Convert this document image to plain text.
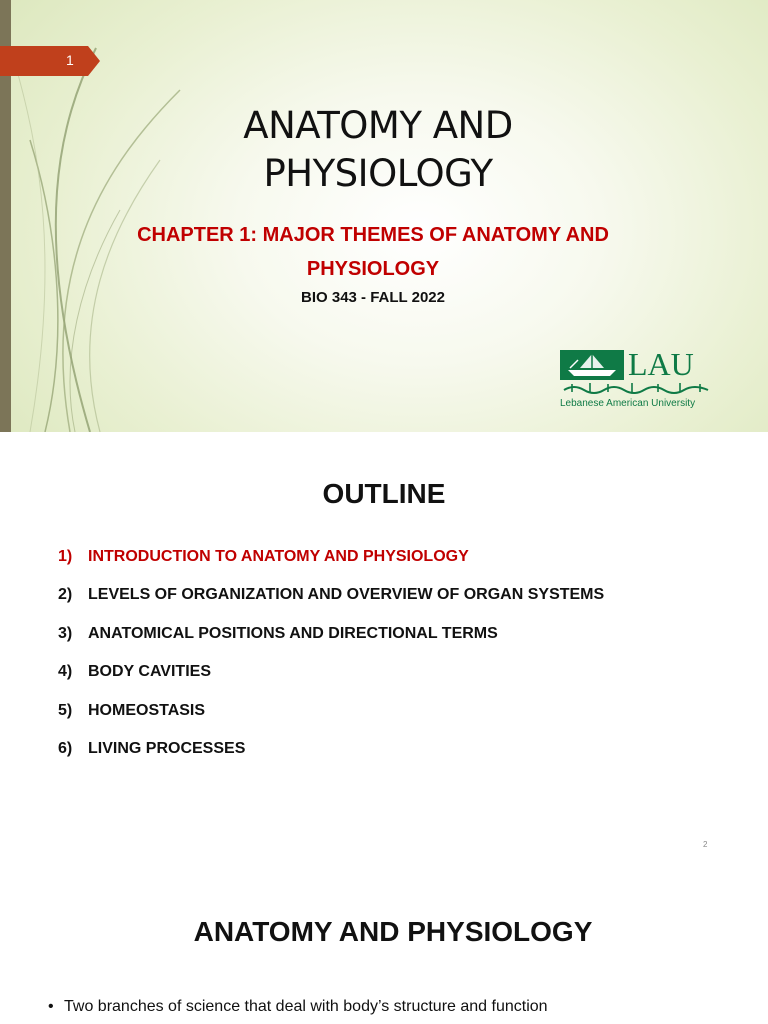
1
ANATOMY AND
PHYSIOLOGY
CHAPTER 1: MAJOR THEMES OF ANATOMY AND
PHYSIOLOGY
BIO 343 - FALL 2022
LAU
Lebanese American University
OUTLINE
1) INTRODUCTION TO ANATOMY AND PHYSIOLOGY
2) LEVELS OF ORGANIZATION AND OVERVIEW OF ORGAN SYSTEMS
3) ANATOMICAL POSITIONS AND DIRECTIONAL TERMS
4) BODY CAVITIES
5) HOMEOSTASIS
6) LIVING PROCESSES
2
ANATOMY AND PHYSIOLOGY
• Two branches of science that deal with body’s structure and function
